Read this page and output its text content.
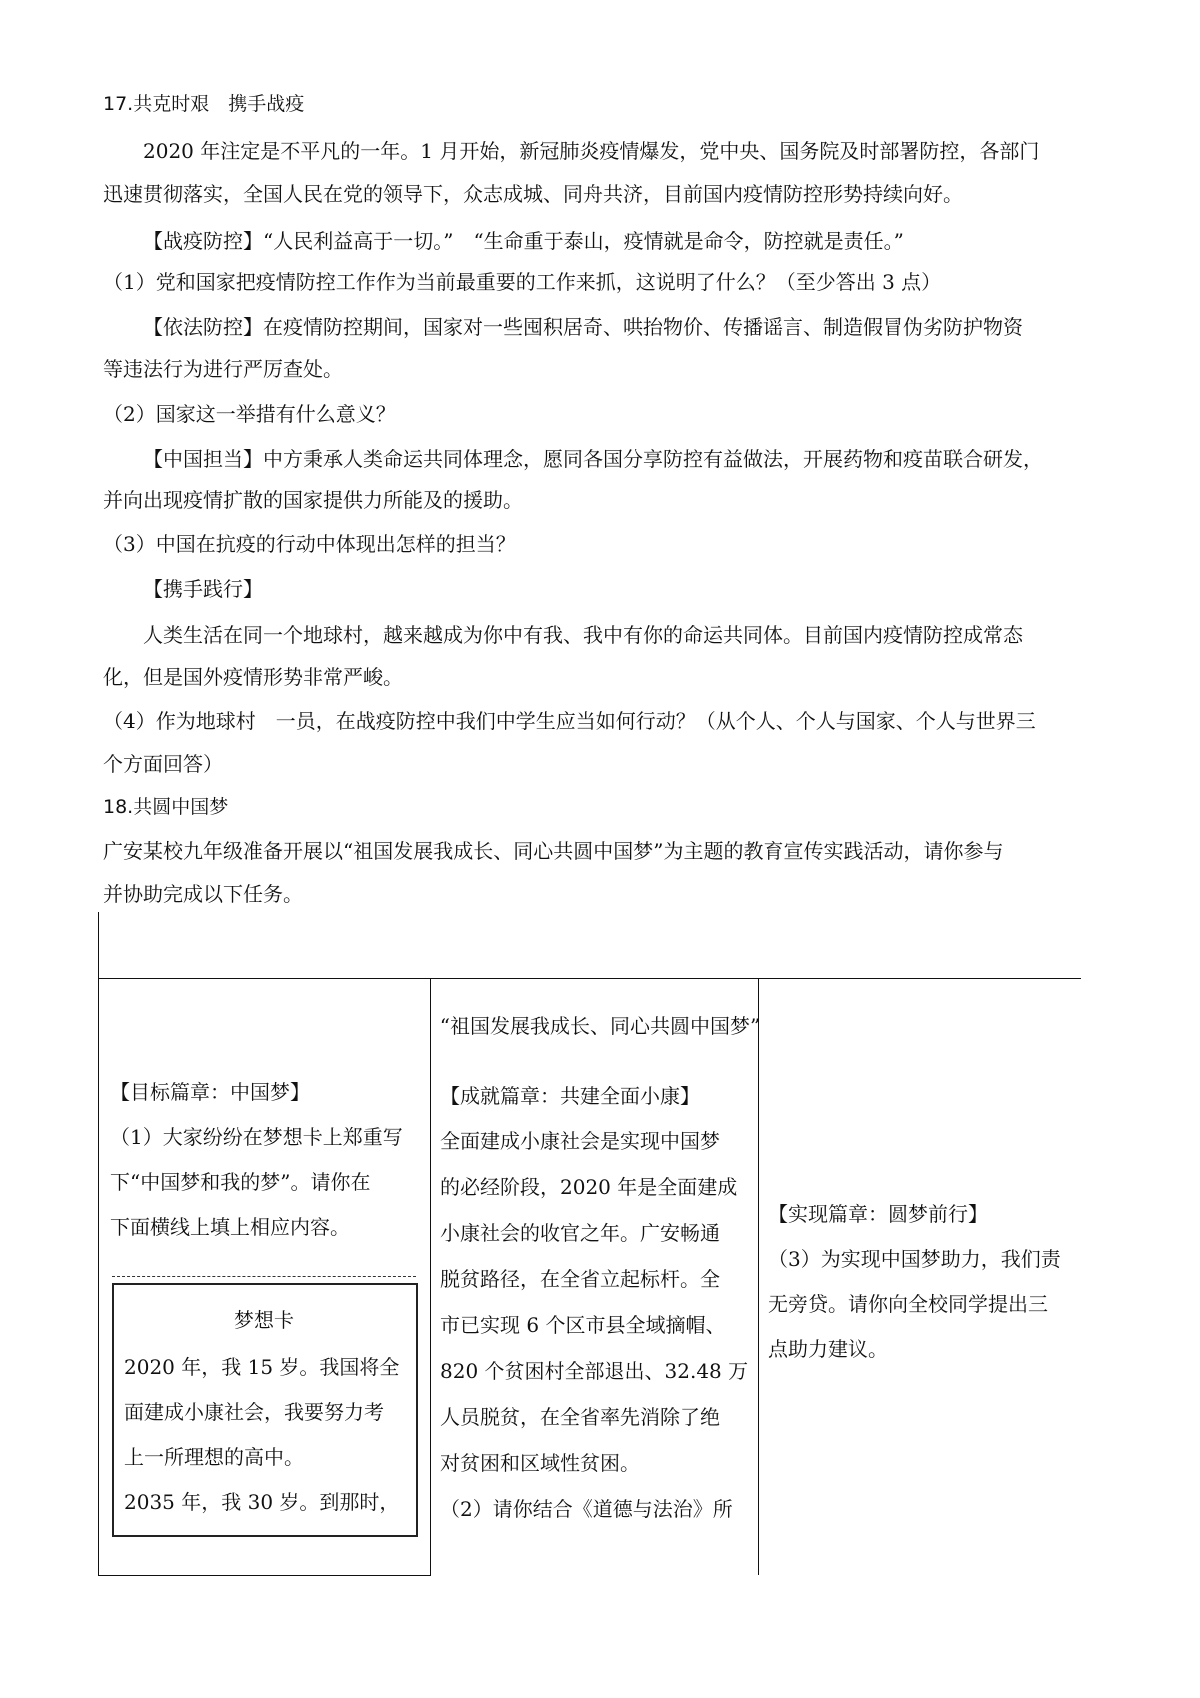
17.共克时艰　携手战疫
2020 年注定是不平凡的一年。1 月开始，新冠肺炎疫情爆发，党中央、国务院及时部署防控，各部门
迅速贯彻落实，全国人民在党的领导下，众志成城、同舟共济，目前国内疫情防控形势持续向好。
【战疫防控】“人民利益高于一切。”　“生命重于泰山，疫情就是命令，防控就是责任。”
（1）党和国家把疫情防控工作作为当前最重要的工作来抓，这说明了什么？（至少答出 3 点）
【依法防控】在疫情防控期间，国家对一些囤积居奇、哄抬物价、传播谣言、制造假冒伪劣防护物资
等违法行为进行严厉查处。
（2）国家这一举措有什么意义？
【中国担当】中方秉承人类命运共同体理念，愿同各国分享防控有益做法，开展药物和疫苗联合研发，
并向出现疫情扩散的国家提供力所能及的援助。
（3）中国在抗疫的行动中体现出怎样的担当？
【携手践行】
人类生活在同一个地球村，越来越成为你中有我、我中有你的命运共同体。目前国内疫情防控成常态
化，但是国外疫情形势非常严峻。
（4）作为地球村　一员，在战疫防控中我们中学生应当如何行动？（从个人、个人与国家、个人与世界三
个方面回答）
18.共圆中国梦
广安某校九年级准备开展以“祖国发展我成长、同心共圆中国梦”为主题的教育宣传实践活动，请你参与
并协助完成以下任务。
“祖国发展我成长、同心共圆中国梦”
【目标篇章：中国梦】
（1）大家纷纷在梦想卡上郑重写
下“中国梦和我的梦”。请你在
下面横线上填上相应内容。
梦想卡
2020 年，我 15 岁。我国将全
面建成小康社会，我要努力考
上一所理想的高中。
2035 年，我 30 岁。到那时，
【成就篇章：共建全面小康】
全面建成小康社会是实现中国梦
的必经阶段，2020 年是全面建成
小康社会的收官之年。广安畅通
脱贫路径，在全省立起标杆。全
市已实现 6 个区市县全域摘帽、
820 个贫困村全部退出、32.48 万
人员脱贫，在全省率先消除了绝
对贫困和区域性贫困。
（2）请你结合《道德与法治》所
【实现篇章：圆梦前行】
（3）为实现中国梦助力，我们责
无旁贷。请你向全校同学提出三
点助力建议。
